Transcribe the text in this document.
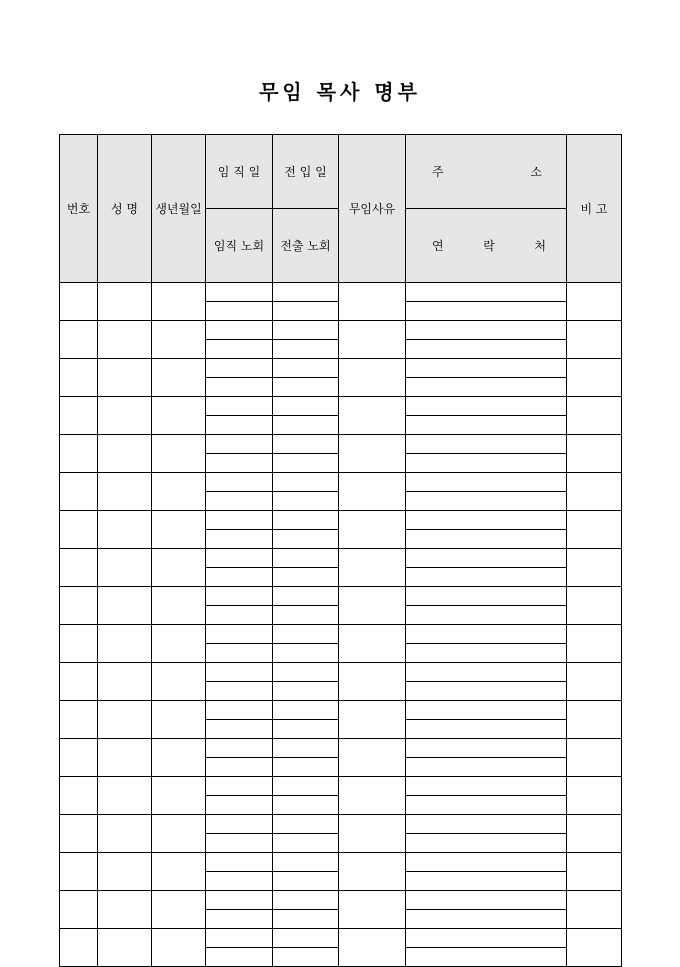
무임 목사 명부
번호	성 명	생년월일	임 직 일	전 입 일	무임사유	주 소	비 고
			임직 노회	전출 노회		연 락 처	
